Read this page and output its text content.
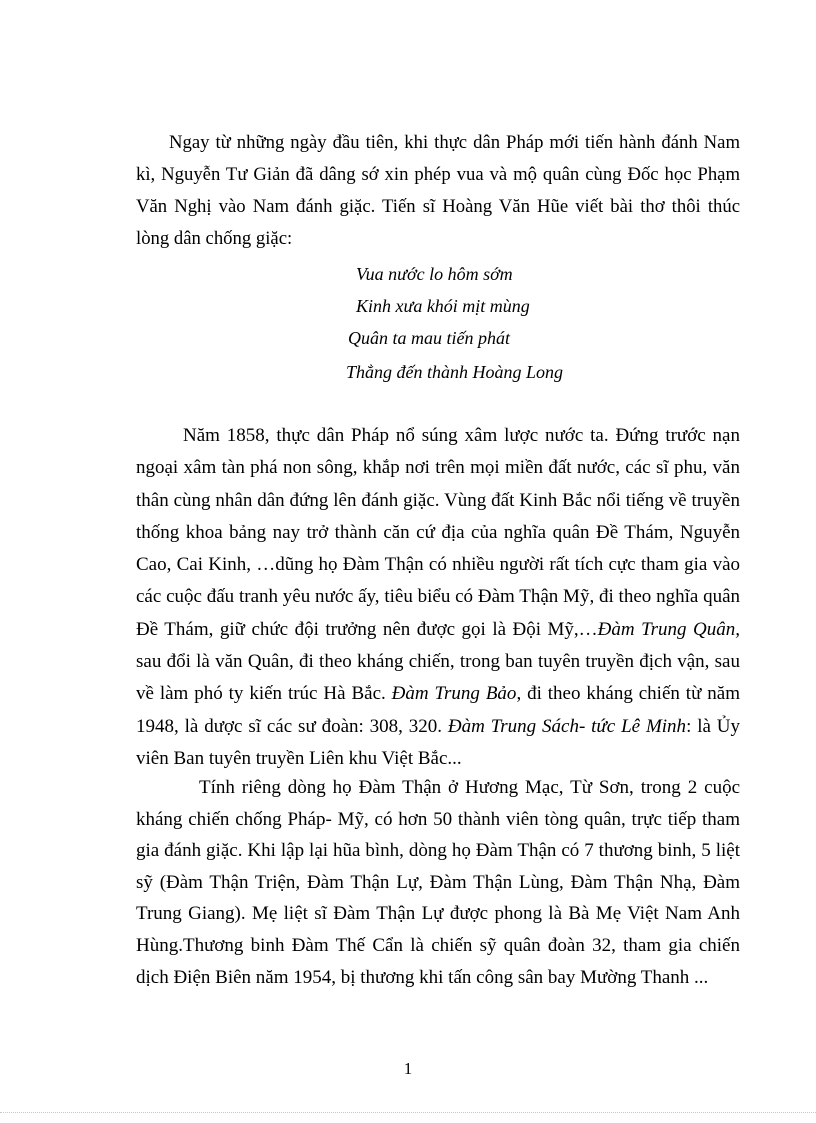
Ngay từ những ngày đầu tiên, khi thực dân Pháp mới tiến hành đánh Nam kì, Nguyễn Tư Giản đã dâng sớ xin phép vua và mộ quân cùng Đốc học Phạm Văn Nghị vào Nam đánh giặc. Tiến sĩ Hoàng Văn Hũe viết bài thơ thôi thúc lòng dân chống giặc:

Vua nước lo hôm sớm
Kinh xưa khói mịt mùng
Quân ta mau tiến phát
Thẳng đến thành Hoàng Long

Năm 1858, thực dân Pháp nổ súng xâm lược nước ta. Đứng trước nạn ngoại xâm tàn phá non sông, khắp nơi trên mọi miền đất nước, các sĩ phu, văn thân cùng nhân dân đứng lên đánh giặc. Vùng đất Kinh Bắc nổi tiếng về truyền thống khoa bảng nay trở thành căn cứ địa của nghĩa quân Đề Thám, Nguyễn Cao, Cai Kinh, …dũng họ Đàm Thận có nhiều người rất tích cực tham gia vào các cuộc đấu tranh yêu nước ấy, tiêu biểu có Đàm Thận Mỹ, đi theo nghĩa quân Đề Thám, giữ chức đội trưởng nên được gọi là Đội Mỹ,…Đàm Trung Quân, sau đổi là văn Quân, đi theo kháng chiến, trong ban tuyên truyền địch vận, sau về làm phó ty kiến trúc Hà Bắc. Đàm Trung Bảo, đi theo kháng chiến từ năm 1948, là dược sĩ các sư đoàn: 308, 320. Đàm Trung Sách- tức Lê Minh: là Ủy viên Ban tuyên truyền Liên khu Việt Bắc...

Tính riêng dòng họ Đàm Thận ở Hương Mạc, Từ Sơn, trong 2 cuộc kháng chiến chống Pháp- Mỹ, có hơn 50 thành viên tòng quân, trực tiếp tham gia đánh giặc. Khi lập lại hũa bình, dòng họ Đàm Thận có 7 thương binh, 5 liệt sỹ (Đàm Thận Triện, Đàm Thận Lự, Đàm Thận Lùng, Đàm Thận Nhạ, Đàm Trung Giang). Mẹ liệt sĩ Đàm Thận Lự được phong là Bà Mẹ Việt Nam Anh Hùng.Thương binh Đàm Thế Cẩn là chiến sỹ quân đoàn 32, tham gia chiến dịch Điện Biên năm 1954, bị thương khi tấn công sân bay Mường Thanh ...

1
